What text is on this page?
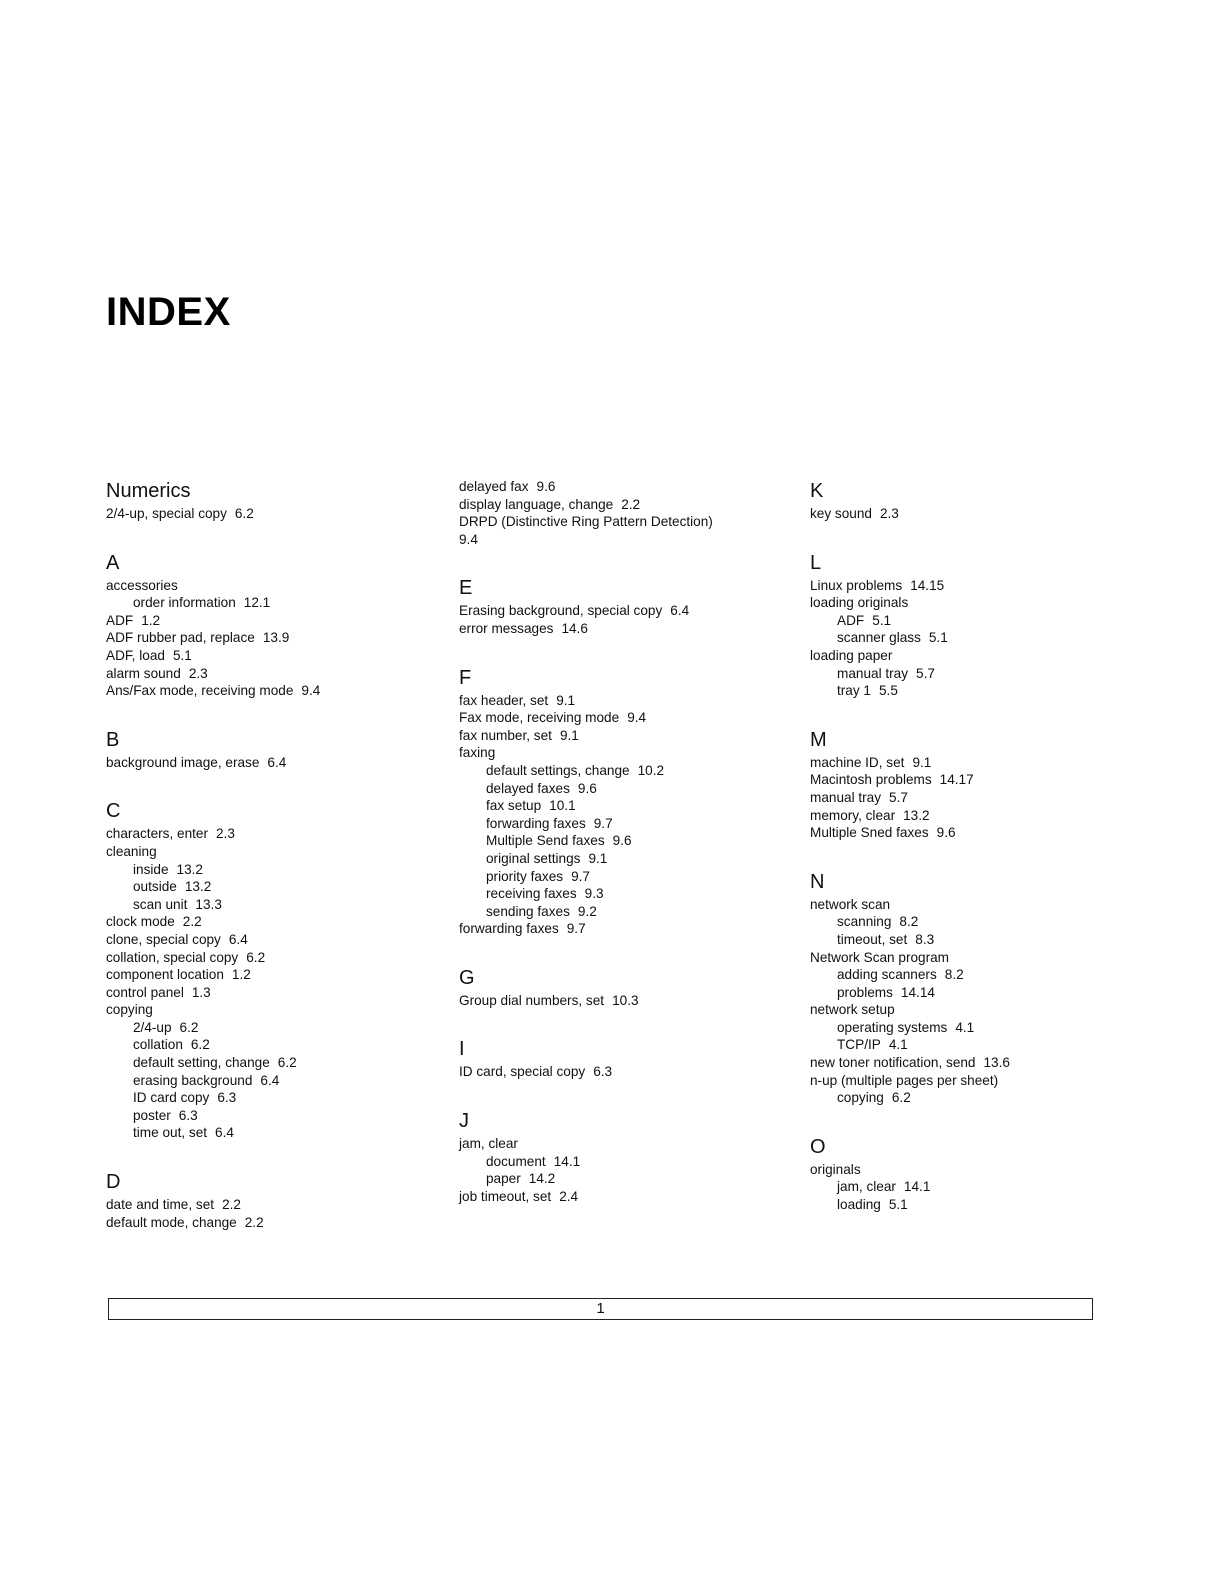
INDEX
Numerics
2/4-up, special copy 6.2
A
accessories
order information 12.1
ADF 1.2
ADF rubber pad, replace 13.9
ADF, load 5.1
alarm sound 2.3
Ans/Fax mode, receiving mode 9.4
B
background image, erase 6.4
C
characters, enter 2.3
cleaning
inside 13.2
outside 13.2
scan unit 13.3
clock mode 2.2
clone, special copy 6.4
collation, special copy 6.2
component location 1.2
control panel 1.3
copying
2/4-up 6.2
collation 6.2
default setting, change 6.2
erasing background 6.4
ID card copy 6.3
poster 6.3
time out, set 6.4
D
date and time, set 2.2
default mode, change 2.2
delayed fax 9.6
display language, change 2.2
DRPD (Distinctive Ring Pattern Detection)
9.4
E
Erasing background, special copy 6.4
error messages 14.6
F
fax header, set 9.1
Fax mode, receiving mode 9.4
fax number, set 9.1
faxing
default settings, change 10.2
delayed faxes 9.6
fax setup 10.1
forwarding faxes 9.7
Multiple Send faxes 9.6
original settings 9.1
priority faxes 9.7
receiving faxes 9.3
sending faxes 9.2
forwarding faxes 9.7
G
Group dial numbers, set 10.3
I
ID card, special copy 6.3
J
jam, clear
document 14.1
paper 14.2
job timeout, set 2.4
K
key sound 2.3
L
Linux problems 14.15
loading originals
ADF 5.1
scanner glass 5.1
loading paper
manual tray 5.7
tray 1 5.5
M
machine ID, set 9.1
Macintosh problems 14.17
manual tray 5.7
memory, clear 13.2
Multiple Sned faxes 9.6
N
network scan
scanning 8.2
timeout, set 8.3
Network Scan program
adding scanners 8.2
problems 14.14
network setup
operating systems 4.1
TCP/IP 4.1
new toner notification, send 13.6
n-up (multiple pages per sheet)
copying 6.2
O
originals
jam, clear 14.1
loading 5.1
1
